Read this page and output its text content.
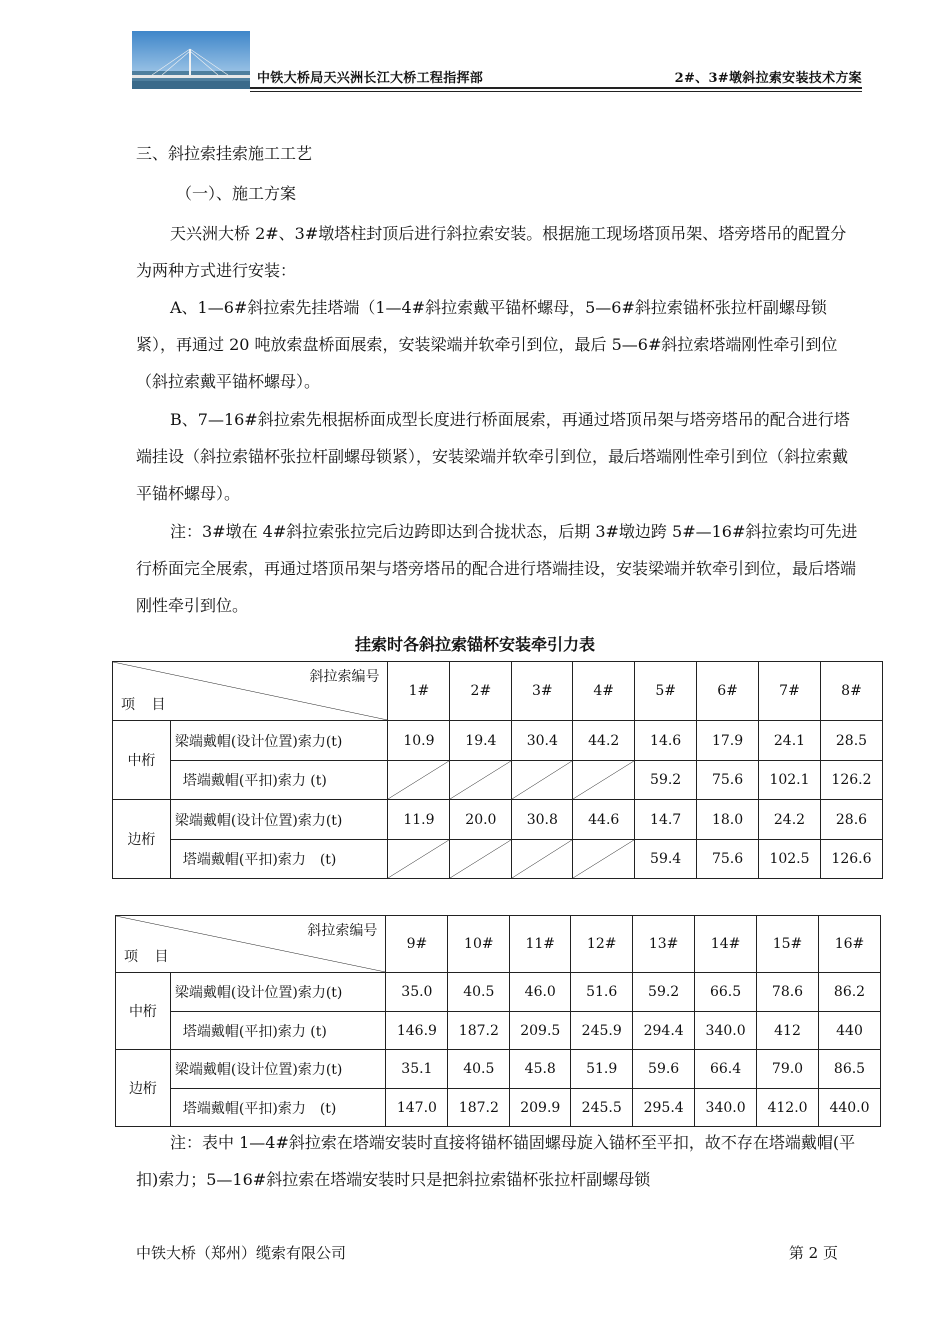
中铁大桥局天兴洲长江大桥工程指挥部	2#、3#墩斜拉索安装技术方案
三、斜拉索挂索施工工艺
（一）、施工方案
天兴洲大桥 2#、3#墩塔柱封顶后进行斜拉索安装。根据施工现场塔顶吊架、塔旁塔吊的配置分为两种方式进行安装：
A、1—6#斜拉索先挂塔端（1—4#斜拉索戴平锚杯螺母，5—6#斜拉索锚杯张拉杆副螺母锁紧），再通过 20 吨放索盘桥面展索，安装梁端并软牵引到位，最后 5—6#斜拉索塔端刚性牵引到位（斜拉索戴平锚杯螺母）。
B、7—16#斜拉索先根据桥面成型长度进行桥面展索，再通过塔顶吊架与塔旁塔吊的配合进行塔端挂设（斜拉索锚杯张拉杆副螺母锁紧），安装梁端并软牵引到位，最后塔端刚性牵引到位（斜拉索戴平锚杯螺母）。
注：3#墩在 4#斜拉索张拉完后边跨即达到合拢状态，后期 3#墩边跨 5#—16#斜拉索均可先进行桥面完全展索，再通过塔顶吊架与塔旁塔吊的配合进行塔端挂设，安装梁端并软牵引到位，最后塔端刚性牵引到位。
挂索时各斜拉索锚杯安装牵引力表
斜拉索编号
项 目		1#	2#	3#	4#	5#	6#	7#	8#
中桁	梁端戴帽(设计位置)索力(t)	10.9	19.4	30.4	44.2	14.6	17.9	24.1	28.5
	塔端戴帽(平扣)索力 (t)					59.2	75.6	102.1	126.2
边桁	梁端戴帽(设计位置)索力(t)	11.9	20.0	30.8	44.6	14.7	18.0	24.2	28.6
	塔端戴帽(平扣)索力　(t)					59.4	75.6	102.5	126.6
斜拉索编号
项 目		9#	10#	11#	12#	13#	14#	15#	16#
中桁	梁端戴帽(设计位置)索力(t)	35.0	40.5	46.0	51.6	59.2	66.5	78.6	86.2
	塔端戴帽(平扣)索力 (t)	146.9	187.2	209.5	245.9	294.4	340.0	412	440
边桁	梁端戴帽(设计位置)索力(t)	35.1	40.5	45.8	51.9	59.6	66.4	79.0	86.5
	塔端戴帽(平扣)索力　(t)	147.0	187.2	209.9	245.5	295.4	340.0	412.0	440.0
注：表中 1—4#斜拉索在塔端安装时直接将锚杯锚固螺母旋入锚杯至平扣，故不存在塔端戴帽(平扣)索力；5—16#斜拉索在塔端安装时只是把斜拉索锚杯张拉杆副螺母锁
中铁大桥（郑州）缆索有限公司	第 2 页
